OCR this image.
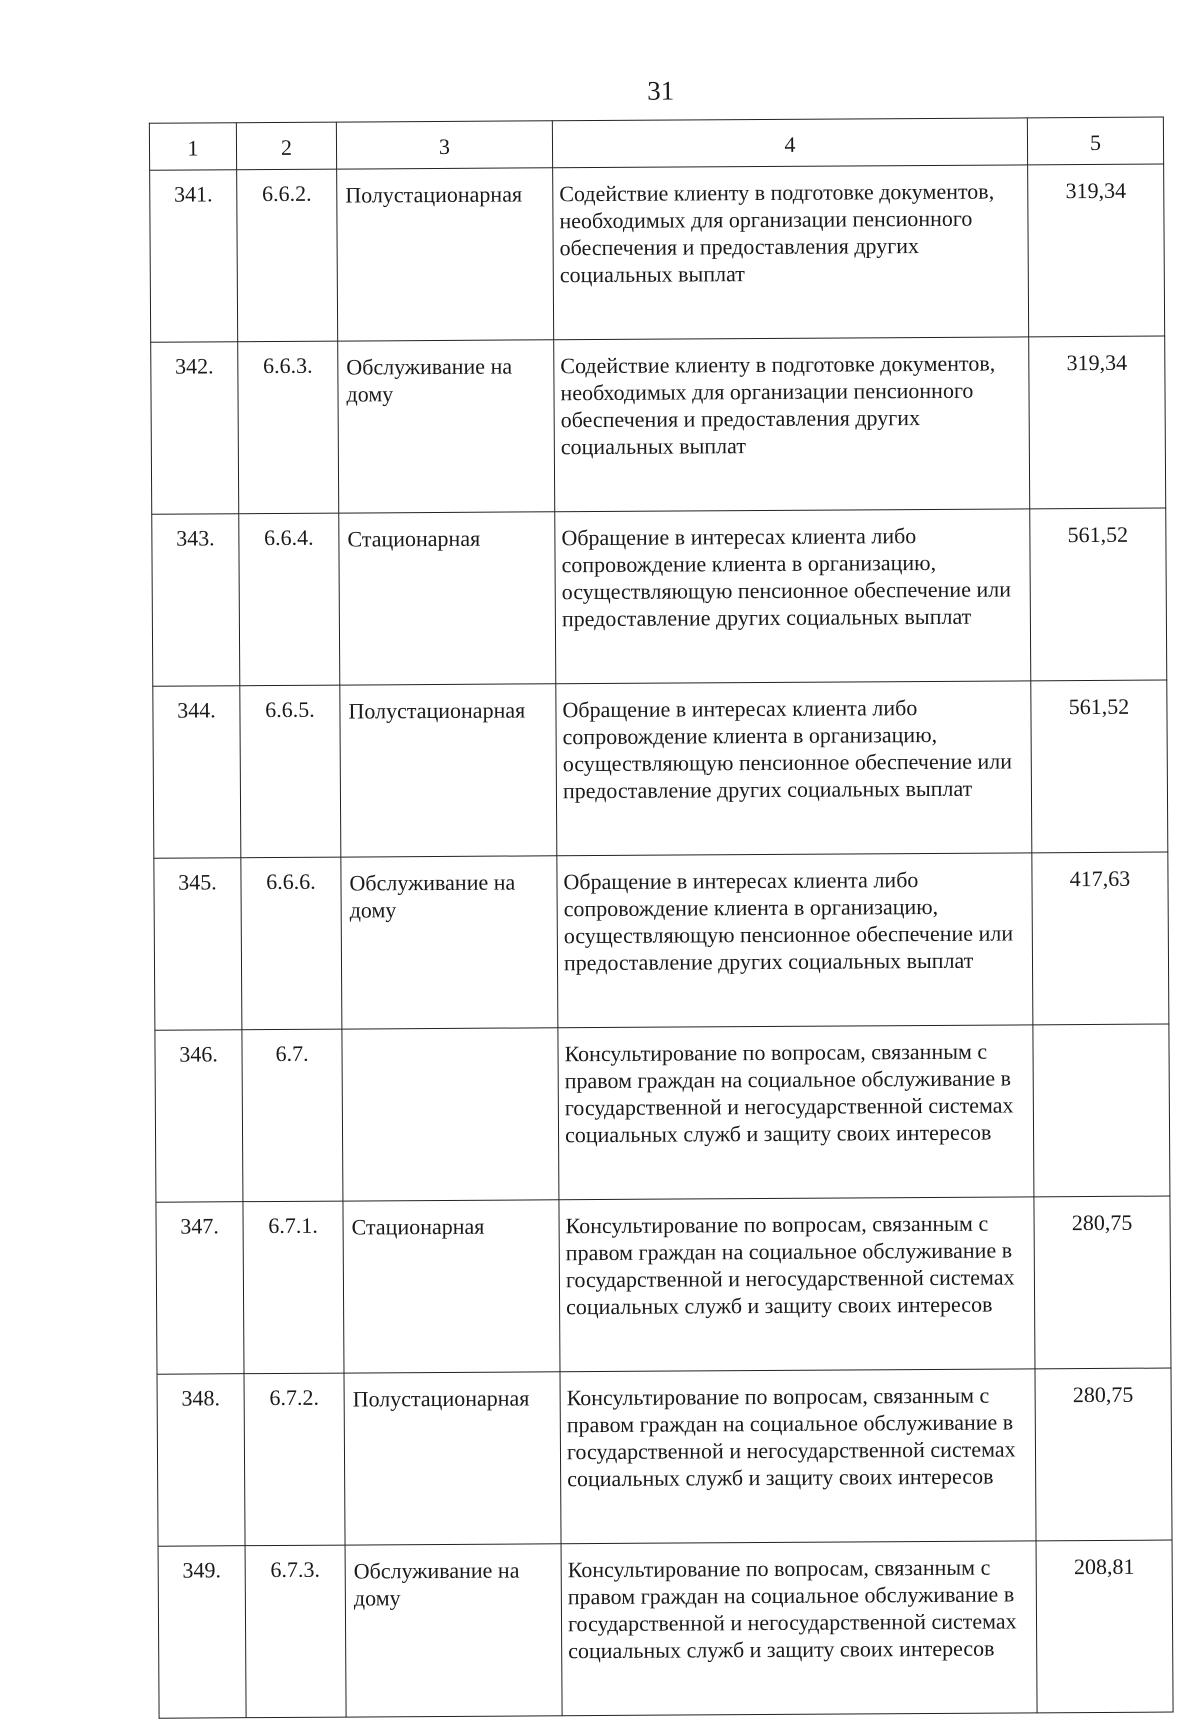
31
1	2	3	4	5
341.	6.6.2.	Полустационарная	Содействие клиенту в подготовке документов, необходимых для организации пенсионного обеспечения и предоставления других социальных выплат	319,34
342.	6.6.3.	Обслуживание на дому	Содействие клиенту в подготовке документов, необходимых для организации пенсионного обеспечения и предоставления других социальных выплат	319,34
343.	6.6.4.	Стационарная	Обращение в интересах клиента либо сопровождение клиента в организацию, осуществляющую пенсионное обеспечение или предоставление других социальных выплат	561,52
344.	6.6.5.	Полустационарная	Обращение в интересах клиента либо сопровождение клиента в организацию, осуществляющую пенсионное обеспечение или предоставление других социальных выплат	561,52
345.	6.6.6.	Обслуживание на дому	Обращение в интересах клиента либо сопровождение клиента в организацию, осуществляющую пенсионное обеспечение или предоставление других социальных выплат	417,63
346.	6.7.		Консультирование по вопросам, связанным с правом граждан на социальное обслуживание в государственной и негосударственной системах социальных служб и защиту своих интересов	
347.	6.7.1.	Стационарная	Консультирование по вопросам, связанным с правом граждан на социальное обслуживание в государственной и негосударственной системах социальных служб и защиту своих интересов	280,75
348.	6.7.2.	Полустационарная	Консультирование по вопросам, связанным с правом граждан на социальное обслуживание в государственной и негосударственной системах социальных служб и защиту своих интересов	280,75
349.	6.7.3.	Обслуживание на дому	Консультирование по вопросам, связанным с правом граждан на социальное обслуживание в государственной и негосударственной системах социальных служб и защиту своих интересов	208,81
